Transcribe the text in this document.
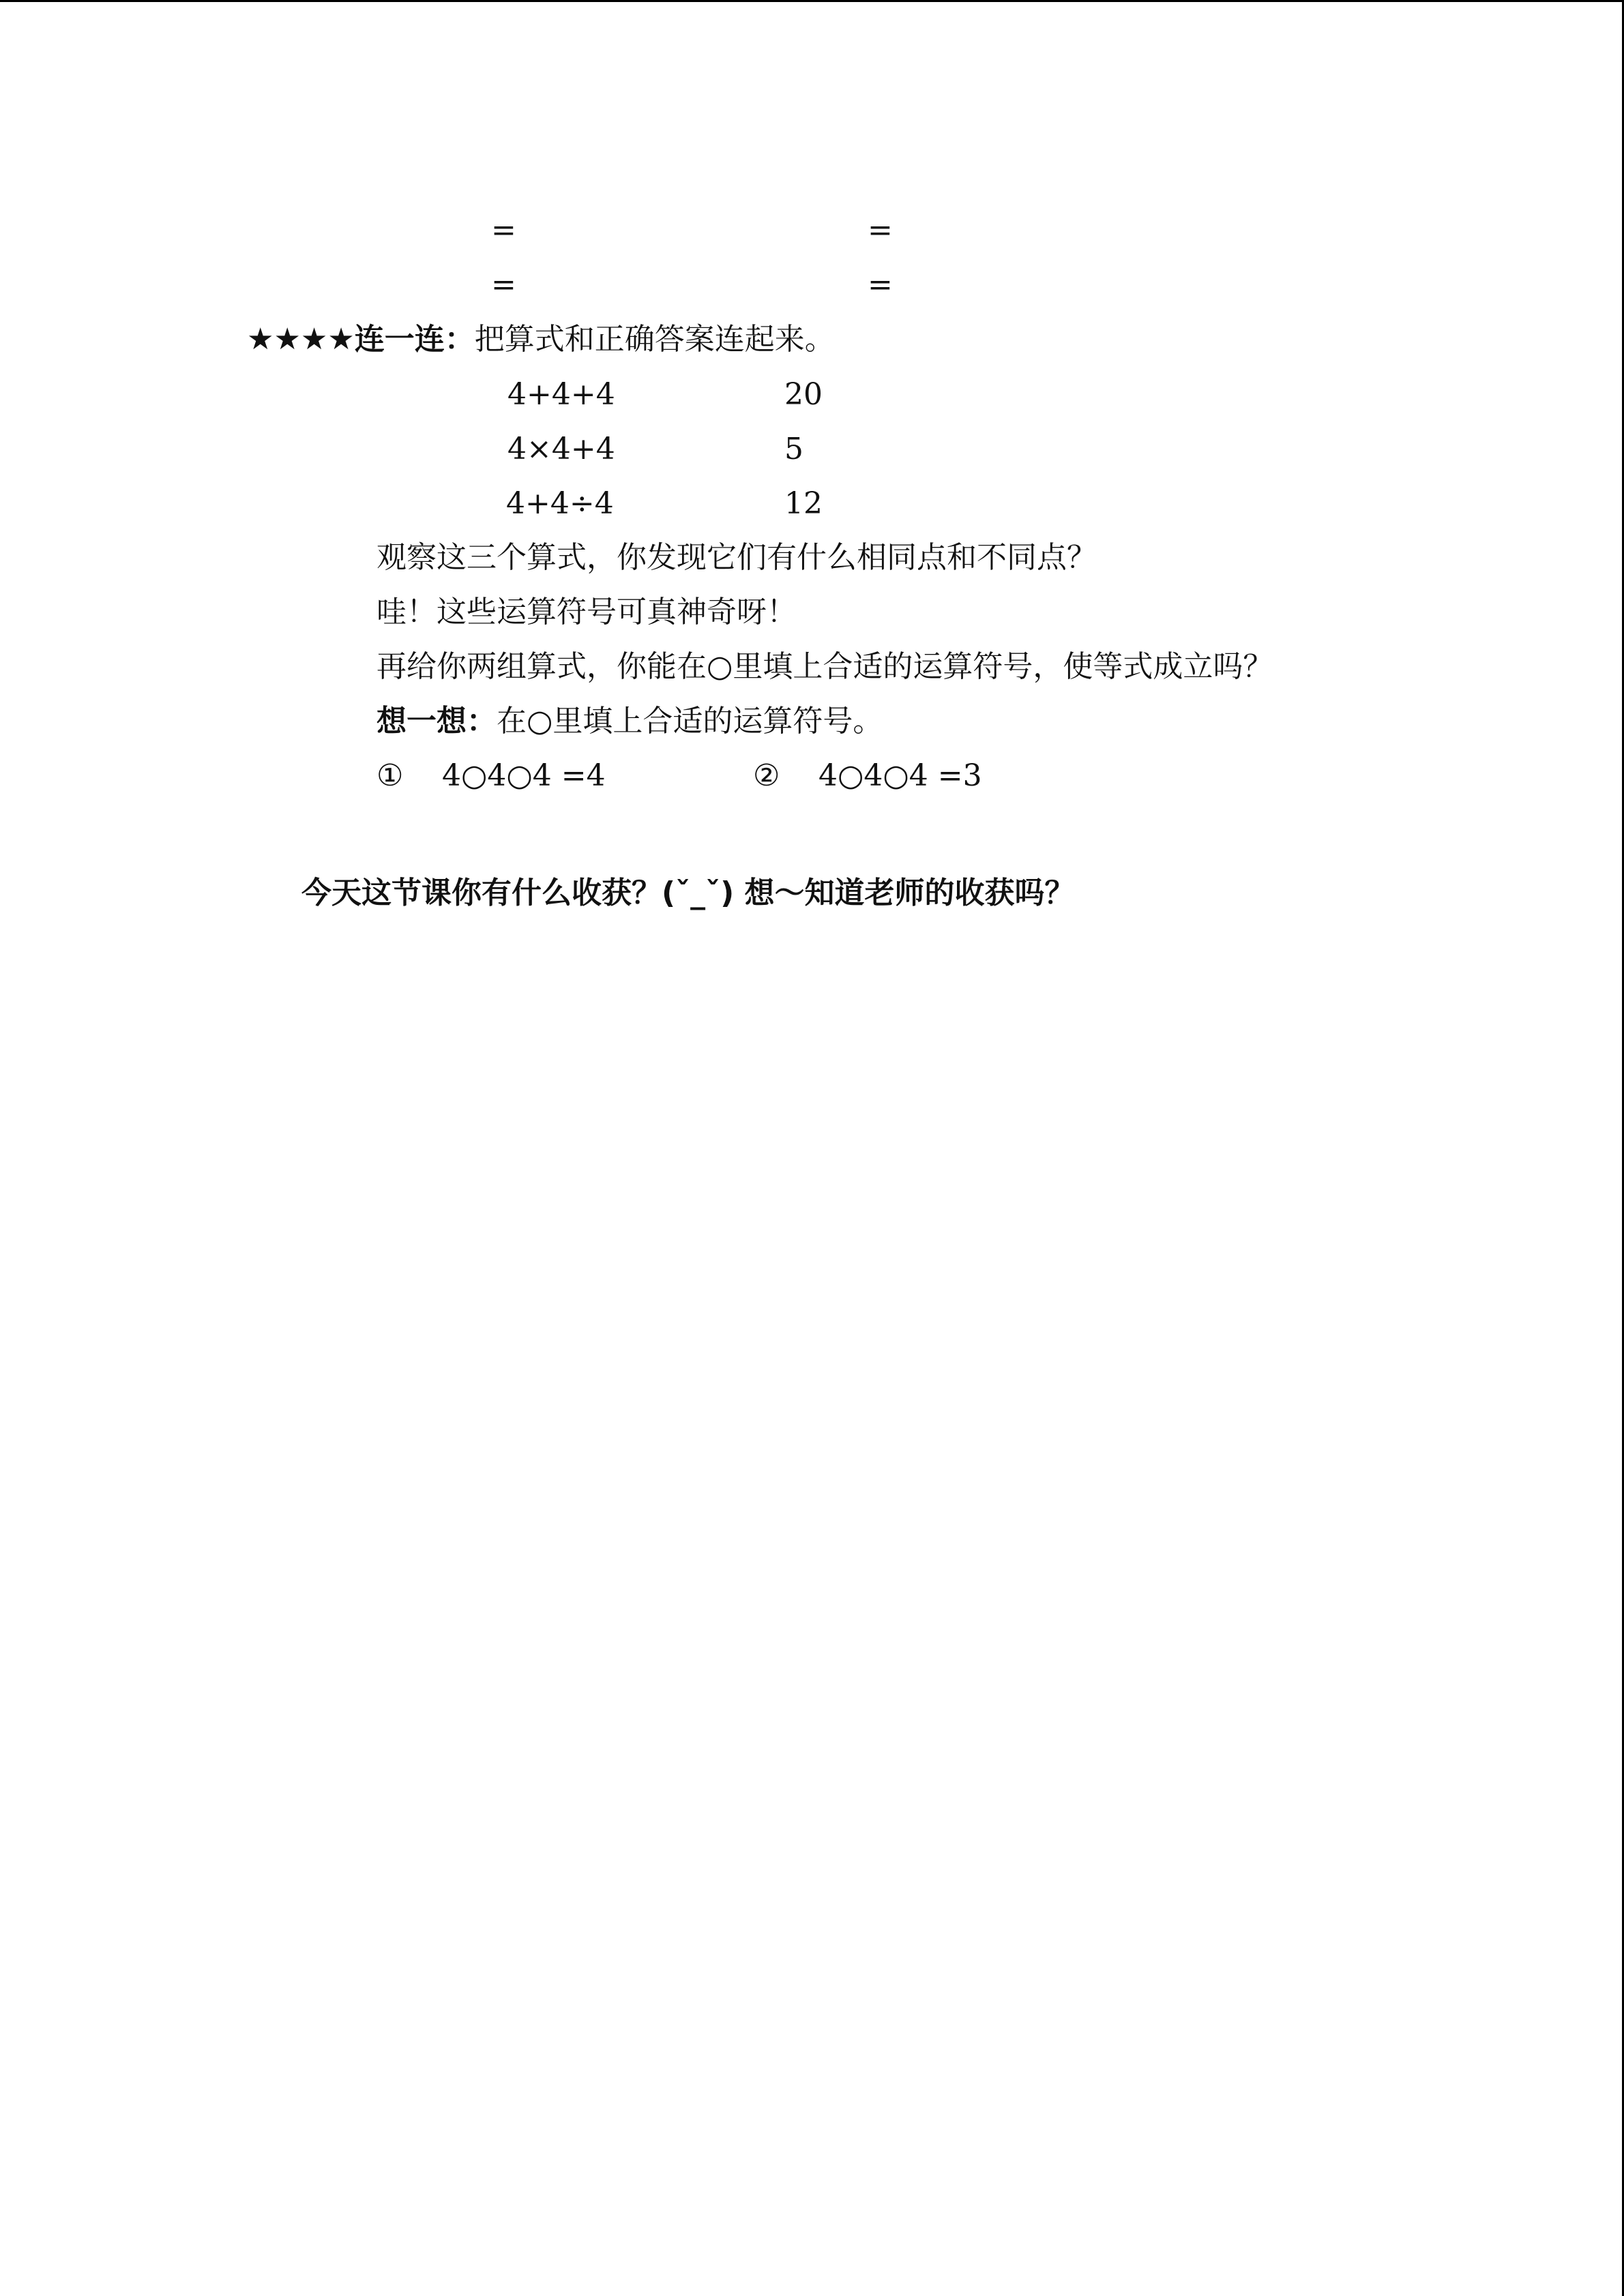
=	=
=	=
★★★★连一连：把算式和正确答案连起来。
4+4+4	20
4×4+4	5
4+4÷4	12

观察这三个算式，你发现它们有什么相同点和不同点？

哇！这些运算符号可真神奇呀！

再给你两组算式，你能在○里填上合适的运算符号，使等式成立吗？

想一想：在○里填上合适的运算符号。
① 4○4○4 =4	② 4○4○4 =3

今天这节课你有什么收获？(ˇ_ˇ) 想～知道老师的收获吗？
